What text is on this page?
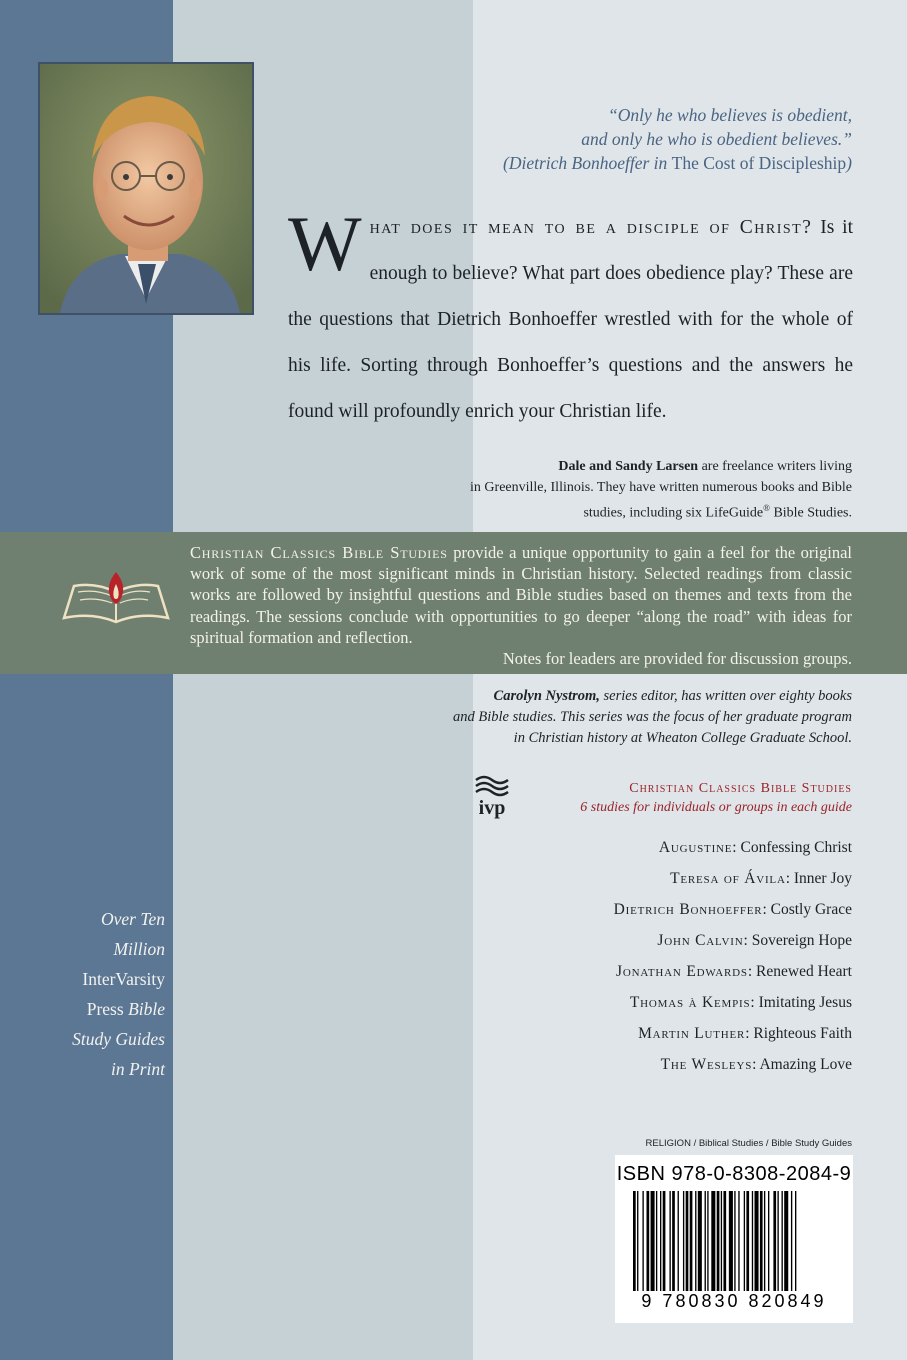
“Only he who believes is obedient,
and only he who is obedient believes.”
(Dietrich Bonhoeffer in The Cost of Discipleship)
What does it mean to be a disciple of Christ? Is it enough to believe? What part does obedience play? These are the questions that Dietrich Bonhoeffer wrestled with for the whole of his life. Sorting through Bonhoeffer’s questions and the answers he found will profoundly enrich your Christian life.
Dale and Sandy Larsen are freelance writers living
in Greenville, Illinois. They have written numerous books and Bible
studies, including six LifeGuide® Bible Studies.
Christian Classics Bible Studies provide a unique opportunity to gain a feel for the original work of some of the most significant minds in Christian history. Selected readings from classic works are followed by insightful questions and Bible studies based on themes and texts from the readings. The sessions conclude with opportunities to go deeper “along the road” with ideas for spiritual formation and reflection.
Notes for leaders are provided for discussion groups.
Carolyn Nystrom, series editor, has written over eighty books
and Bible studies. This series was the focus of her graduate program
in Christian history at Wheaton College Graduate School.
ivp
Christian Classics Bible Studies
6 studies for individuals or groups in each guide
Augustine: Confessing Christ
Teresa of Ávila: Inner Joy
Dietrich Bonhoeffer: Costly Grace
John Calvin: Sovereign Hope
Jonathan Edwards: Renewed Heart
Thomas à Kempis: Imitating Jesus
Martin Luther: Righteous Faith
The Wesleys: Amazing Love
Over Ten
Million
InterVarsity
Press Bible
Study Guides
in Print
RELIGION / Biblical Studies / Bible Study Guides
ISBN 978-0-8308-2084-9
9 780830 820849
